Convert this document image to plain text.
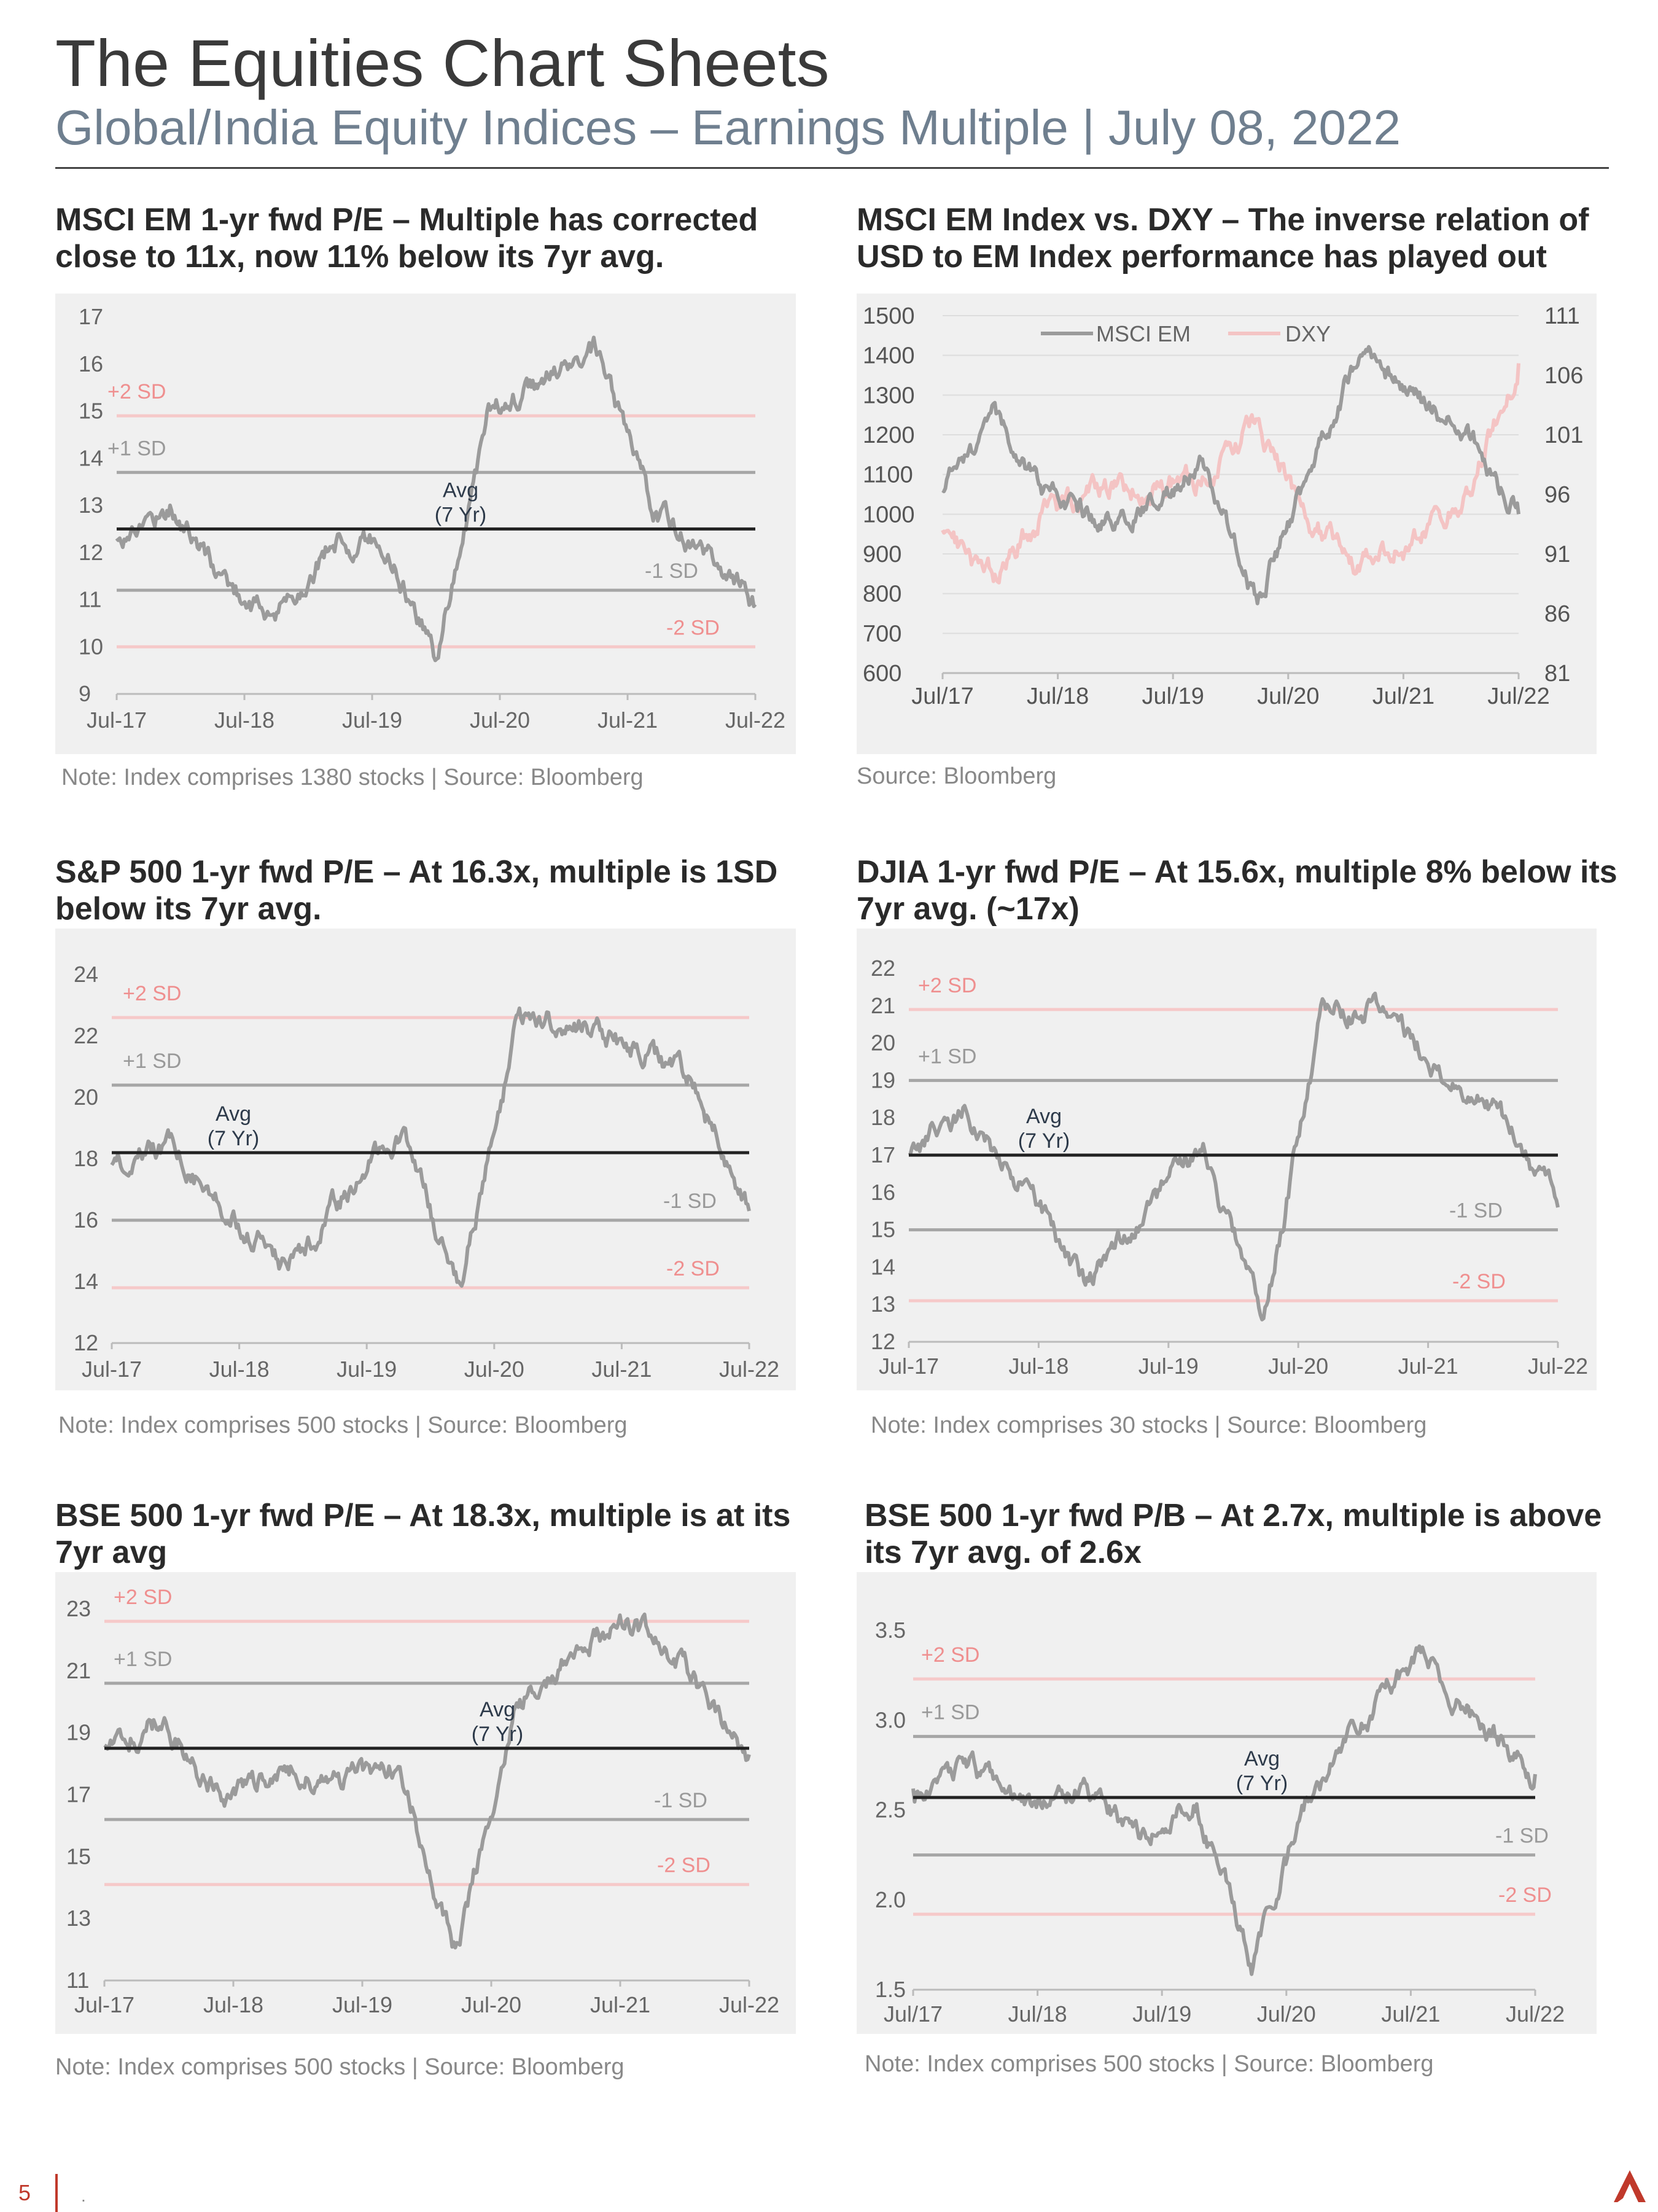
The Equities Chart Sheets
Global/India Equity Indices – Earnings Multiple | July 08, 2022
MSCI EM 1-yr fwd P/E – Multiple has corrected close to 11x, now 11% below its 7yr avg.
9
10
11
12
13
14
15
16
17
Jul-17	Jul-18	Jul-19	Jul-20	Jul-21	Jul-22
+2 SD
+1 SD
Avg
(7 Yr)
-1 SD
-2 SD
Note: Index comprises 1380 stocks | Source: Bloomberg
MSCI EM Index vs. DXY – The inverse relation of USD to EM Index performance has played out
600
700
800
900
1000
1100
1200
1300
1400
1500
81
86
91
96
101
106
111
Jul/17 Jul/18 Jul/19 Jul/20 Jul/21 Jul/22
MSCI EM	DXY
Source: Bloomberg
S&P 500 1-yr fwd P/E – At 16.3x, multiple is 1SD below its 7yr avg.
12
14
16
18
20
22
24
Jul-17	Jul-18	Jul-19	Jul-20	Jul-21	Jul-22
+2 SD
+1 SD
Avg
(7 Yr)
-1 SD
-2 SD
Note: Index comprises 500 stocks | Source: Bloomberg
DJIA 1-yr fwd P/E – At 15.6x, multiple 8% below its 7yr avg. (~17x)
12
13
14
15
16
17
18
19
20
21
22
Jul-17	Jul-18	Jul-19	Jul-20	Jul-21	Jul-22
+2 SD
+1 SD
Avg
(7 Yr)
-1 SD
-2 SD
Note: Index comprises 30 stocks | Source: Bloomberg
BSE 500 1-yr fwd P/E – At 18.3x, multiple is at its 7yr avg
11
13
15
17
19
21
23
Jul-17	Jul-18	Jul-19	Jul-20	Jul-21	Jul-22
+2 SD
+1 SD
Avg
(7 Yr)
-1 SD
-2 SD
Note: Index comprises 500 stocks | Source: Bloomberg
BSE 500 1-yr fwd P/B – At 2.7x, multiple is above its 7yr avg. of 2.6x
1.5
2.0
2.5
3.0
3.5
Jul/17	Jul/18	Jul/19	Jul/20	Jul/21	Jul/22
+2 SD
+1 SD
Avg
(7 Yr)
-1 SD
-2 SD
Note: Index comprises 500 stocks | Source: Bloomberg
5	.
